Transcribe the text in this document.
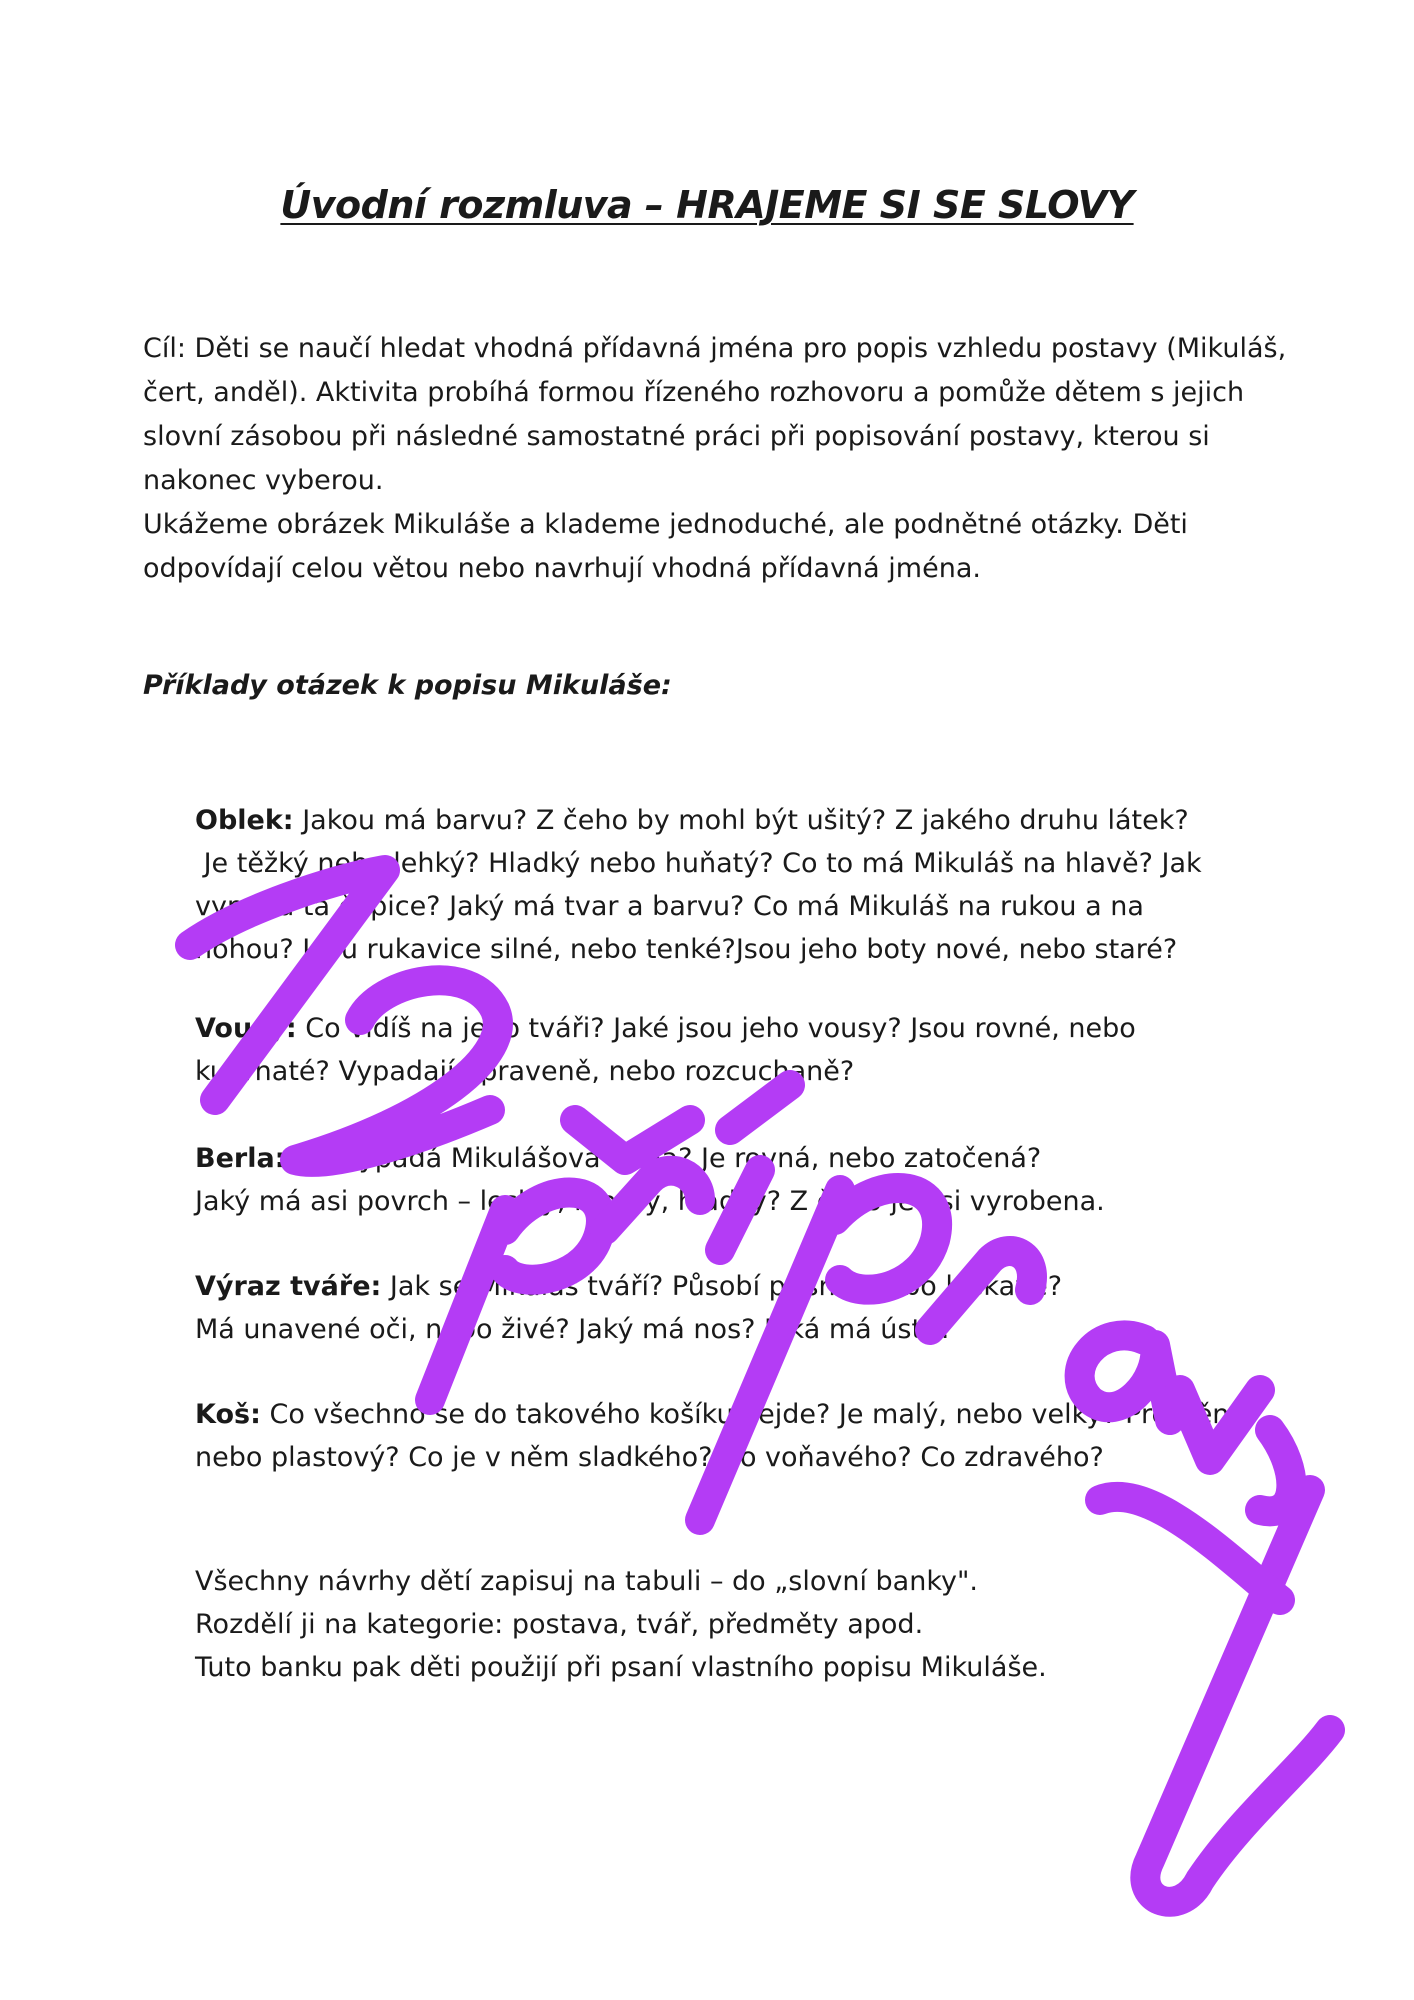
Úvodní rozmluva – HRAJEME SI SE SLOVY

Cíl: Děti se naučí hledat vhodná přídavná jména pro popis vzhledu postavy (Mikuláš, čert, anděl). Aktivita probíhá formou řízeného rozhovoru a pomůže dětem s jejich slovní zásobou při následné samostatné práci při popisování postavy, kterou si nakonec vyberou.

Ukážeme obrázek Mikuláše a klademe jednoduché, ale podnětné otázky. Děti odpovídají celou větou nebo navrhují vhodná přídavná jména.

Příklady otázek k popisu Mikuláše:
Oblek: Jakou má barvu? Z čeho by mohl být ušitý? Z jakého druhu látek?
Je těžký nebo lehký? Hladký nebo huňatý? Co to má Mikuláš na hlavě? Jak
vypadá ta čepice? Jaký má tvar a barvu? Co má Mikuláš na rukou a na
nohou? Jsou rukavice silné, nebo tenké?Jsou jeho boty nové, nebo staré?
Vousy: Co vidíš na jeho tváři? Jaké jsou jeho vousy? Jsou rovné, nebo
kudrnaté? Vypadají upraveně, nebo rozcuchaně?
Berla: Jak vypadá Mikulášova berla? Je rovná, nebo zatočená?
Jaký má asi povrch – lesklý, matný, hladký? Z čeho je asi vyrobena.
Výraz tváře: Jak se Mikuláš tváří? Působí přísně, nebo laskavě?
Má unavené oči, nebo živé? Jaký má nos? Jaká má ústa?
Koš: Co všechno se do takového košíku vejde? Je malý, nebo velký? Proutěný,
nebo plastový? Co je v něm sladkého? Co voňavého? Co zdravého?
Všechny návrhy dětí zapisuj na tabuli – do „slovní banky".
Rozdělí ji na kategorie: postava, tvář, předměty apod.
Tuto banku pak děti použijí při psaní vlastního popisu Mikuláše.
